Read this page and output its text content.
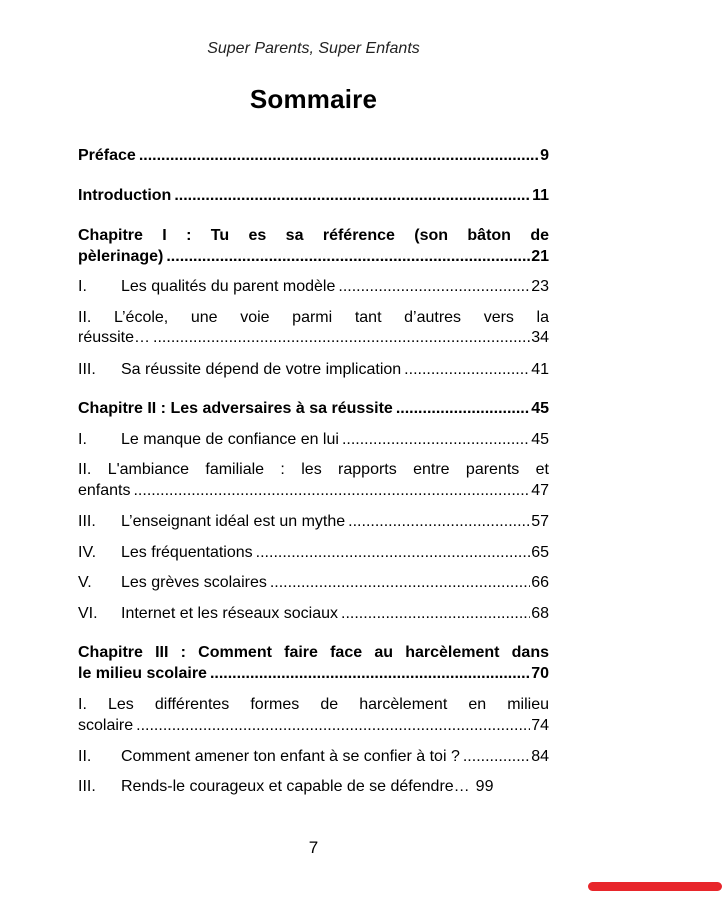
Super Parents, Super Enfants
Sommaire
Préface .....	9
Introduction .....	11
Chapitre I : Tu es sa référence (son bâton de
pèlerinage) .....	21
I.	Les qualités du parent modèle .....	23
II. L’école, une voie parmi tant d’autres vers la
réussite… .....	34
III.	Sa réussite dépend de votre implication .....	41
Chapitre II : Les adversaires à sa réussite .....	45
I.	Le manque de confiance en lui .....	45
II. L'ambiance familiale : les rapports entre parents et
enfants .....	47
III.	L’enseignant idéal est un mythe .....	57
IV.	Les fréquentations .....	65
V.	Les grèves scolaires .....	66
VI.	Internet et les réseaux sociaux .....	68
Chapitre III : Comment faire face au harcèlement dans
le milieu scolaire .....	70
I. Les différentes formes de harcèlement en milieu
scolaire .....	74
II.	Comment amener ton enfant à se confier à toi ? .....	84
III.	Rends-le courageux et capable de se défendre… 99
7
